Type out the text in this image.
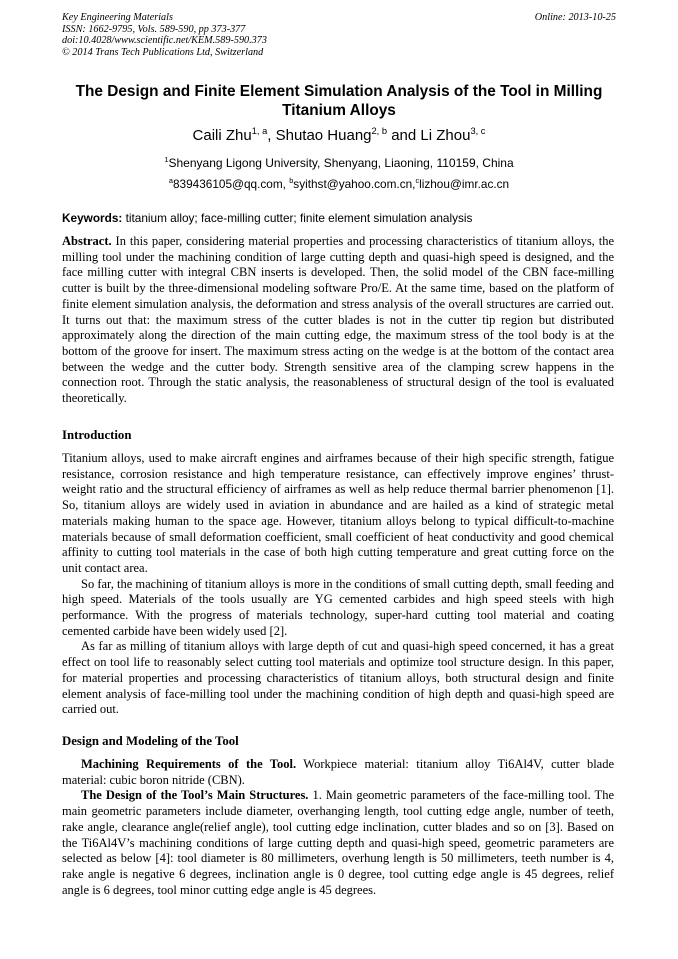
Key Engineering Materials
ISSN: 1662-9795, Vols. 589-590, pp 373-377
doi:10.4028/www.scientific.net/KEM.589-590.373
© 2014 Trans Tech Publications Ltd, Switzerland
Online: 2013-10-25
The Design and Finite Element Simulation Analysis of the Tool in Milling Titanium Alloys
Caili Zhu$^{1, a}$, Shutao Huang$^{2, b}$ and Li Zhou$^{3, c}$
$^1$Shenyang Ligong University, Shenyang, Liaoning, 110159, China
$^a$839436105@qq.com, $^b$syithst@yahoo.com.cn,$^c$lizhou@imr.ac.cn
Keywords: titanium alloy; face-milling cutter; finite element simulation analysis

Abstract. In this paper, considering material properties and processing characteristics of titanium alloys, the milling tool under the machining condition of large cutting depth and quasi-high speed is designed, and the face milling cutter with integral CBN inserts is developed. Then, the solid model of the CBN face-milling cutter is built by the three-dimensional modeling software Pro/E. At the same time, based on the platform of finite element simulation analysis, the deformation and stress analysis of the overall structures are carried out. It turns out that: the maximum stress of the cutter blades is not in the cutter tip region but distributed approximately along the direction of the main cutting edge, the maximum stress of the tool body is at the bottom of the groove for insert. The maximum stress acting on the wedge is at the bottom of the contact area between the wedge and the cutter body. Strength sensitive area of the clamping screw happens in the connection root. Through the static analysis, the reasonableness of structural design of the tool is evaluated theoretically.

Introduction

Titanium alloys, used to make aircraft engines and airframes because of their high specific strength, fatigue resistance, corrosion resistance and high temperature resistance, can effectively improve engines’ thrust-weight ratio and the structural efficiency of airframes as well as help reduce thermal barrier phenomenon [1]. So, titanium alloys are widely used in aviation in abundance and are hailed as a kind of strategic metal materials making human to the space age. However, titanium alloys belong to typical difficult-to-machine materials because of small deformation coefficient, small coefficient of heat conductivity and good chemical affinity to cutting tool materials in the case of both high cutting temperature and great cutting force on the unit contact area.

So far, the machining of titanium alloys is more in the conditions of small cutting depth, small feeding and high speed. Materials of the tools usually are YG cemented carbides and high speed steels with high performance. With the progress of materials technology, super-hard cutting tool material and coating cemented carbide have been widely used [2].

As far as milling of titanium alloys with large depth of cut and quasi-high speed concerned, it has a great effect on tool life to reasonably select cutting tool materials and optimize tool structure design. In this paper, for material properties and processing characteristics of titanium alloys, both structural design and finite element analysis of face-milling tool under the machining condition of high depth and quasi-high speed are carried out.

Design and Modeling of the Tool

Machining Requirements of the Tool. Workpiece material: titanium alloy Ti6Al4V, cutter blade material: cubic boron nitride (CBN).

The Design of the Tool’s Main Structures. 1. Main geometric parameters of the face-milling tool. The main geometric parameters include diameter, overhanging length, tool cutting edge angle, number of teeth, rake angle, clearance angle(relief angle), tool cutting edge inclination, cutter blades and so on [3]. Based on the Ti6Al4V’s machining conditions of large cutting depth and quasi-high speed, geometric parameters are selected as below [4]: tool diameter is 80 millimeters, overhung length is 50 millimeters, teeth number is 4, rake angle is negative 6 degrees, inclination angle is 0 degree, tool cutting edge angle is 45 degrees, relief angle is 6 degrees, tool minor cutting edge angle is 45 degrees.
